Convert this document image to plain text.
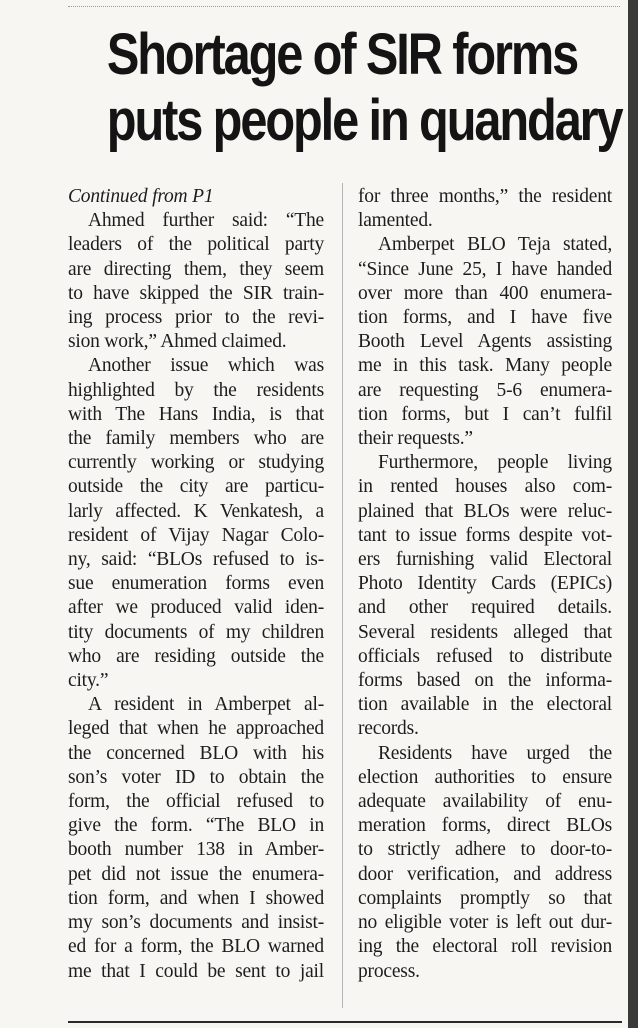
Shortage of SIR forms
puts people in quandary
Continued from P1
Ahmed further said: “The
leaders of the political party
are directing them, they seem
to have skipped the SIR train-
ing process prior to the revi-
sion work,” Ahmed claimed.
Another issue which was
highlighted by the residents
with The Hans India, is that
the family members who are
currently working or studying
outside the city are particu-
larly affected. K Venkatesh, a
resident of Vijay Nagar Colo-
ny, said: “BLOs refused to is-
sue enumeration forms even
after we produced valid iden-
tity documents of my children
who are residing outside the
city.”
A resident in Amberpet al-
leged that when he approached
the concerned BLO with his
son’s voter ID to obtain the
form, the official refused to
give the form. “The BLO in
booth number 138 in Amber-
pet did not issue the enumera-
tion form, and when I showed
my son’s documents and insist-
ed for a form, the BLO warned
me that I could be sent to jail
for three months,” the resident
lamented.
Amberpet BLO Teja stated,
“Since June 25, I have handed
over more than 400 enumera-
tion forms, and I have five
Booth Level Agents assisting
me in this task. Many people
are requesting 5-6 enumera-
tion forms, but I can’t fulfil
their requests.”
Furthermore, people living
in rented houses also com-
plained that BLOs were reluc-
tant to issue forms despite vot-
ers furnishing valid Electoral
Photo Identity Cards (EPICs)
and other required details.
Several residents alleged that
officials refused to distribute
forms based on the informa-
tion available in the electoral
records.
Residents have urged the
election authorities to ensure
adequate availability of enu-
meration forms, direct BLOs
to strictly adhere to door-to-
door verification, and address
complaints promptly so that
no eligible voter is left out dur-
ing the electoral roll revision
process.
